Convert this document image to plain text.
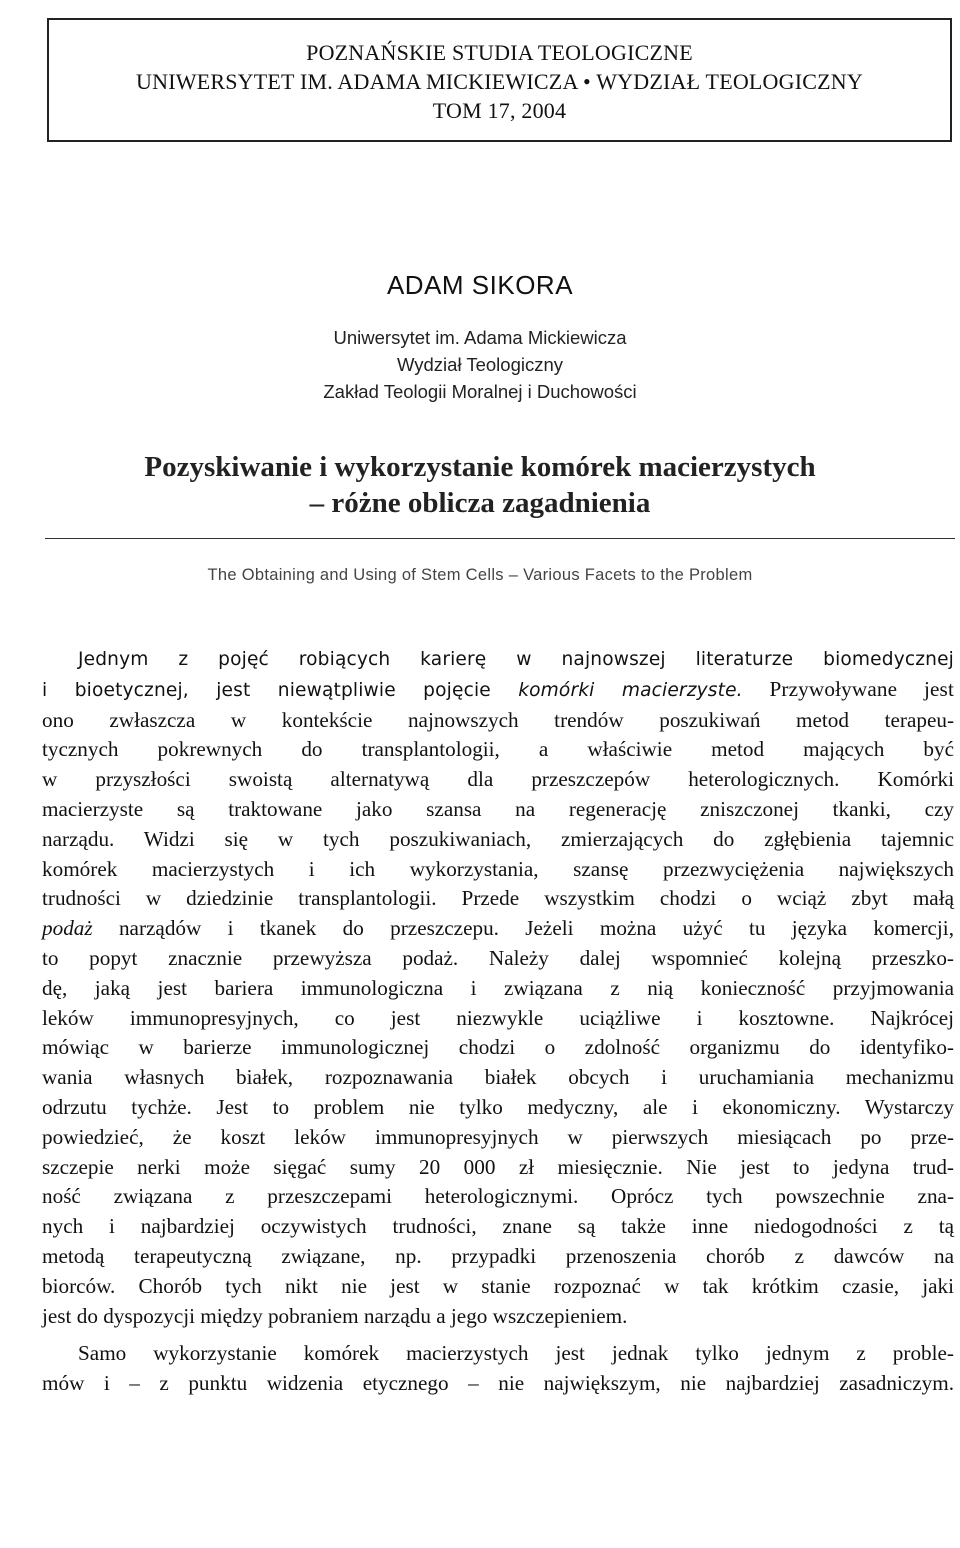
POZNAŃSKIE STUDIA TEOLOGICZNE
UNIWERSYTET IM. ADAMA MICKIEWICZA • WYDZIAŁ TEOLOGICZNY
TOM 17, 2004
ADAM SIKORA
Uniwersytet im. Adama Mickiewicza
Wydział Teologiczny
Zakład Teologii Moralnej i Duchowości
Pozyskiwanie i wykorzystanie komórek macierzystych
– różne oblicza zagadnienia
The Obtaining and Using of Stem Cells – Various Facets to the Problem
Jednym z pojęć robiących karierę w najnowszej literaturze biomedycznej
i bioetycznej, jest niewątpliwie pojęcie komórki macierzyste. Przywoływane jest
ono zwłaszcza w kontekście najnowszych trendów poszukiwań metod terapeu-
tycznych pokrewnych do transplantologii, a właściwie metod mających być
w przyszłości swoistą alternatywą dla przeszczepów heterologicznych. Komórki
macierzyste są traktowane jako szansa na regenerację zniszczonej tkanki, czy
narządu. Widzi się w tych poszukiwaniach, zmierzających do zgłębienia tajemnic
komórek macierzystych i ich wykorzystania, szansę przezwyciężenia największych
trudności w dziedzinie transplantologii. Przede wszystkim chodzi o wciąż zbyt małą
podaż narządów i tkanek do przeszczepu. Jeżeli można użyć tu języka komercji,
to popyt znacznie przewyższa podaż. Należy dalej wspomnieć kolejną przeszko-
dę, jaką jest bariera immunologiczna i związana z nią konieczność przyjmowania
leków immunopresyjnych, co jest niezwykle uciążliwe i kosztowne. Najkrócej
mówiąc w barierze immunologicznej chodzi o zdolność organizmu do identyfiko-
wania własnych białek, rozpoznawania białek obcych i uruchamiania mechanizmu
odrzutu tychże. Jest to problem nie tylko medyczny, ale i ekonomiczny. Wystarczy
powiedzieć, że koszt leków immunopresyjnych w pierwszych miesiącach po prze-
szczepie nerki może sięgać sumy 20 000 zł miesięcznie. Nie jest to jedyna trud-
ność związana z przeszczepami heterologicznymi. Oprócz tych powszechnie zna-
nych i najbardziej oczywistych trudności, znane są także inne niedogodności z tą
metodą terapeutyczną związane, np. przypadki przenoszenia chorób z dawców na
biorców. Chorób tych nikt nie jest w stanie rozpoznać w tak krótkim czasie, jaki
jest do dyspozycji między pobraniem narządu a jego wszczepieniem.
Samo wykorzystanie komórek macierzystych jest jednak tylko jednym z proble-
mów i – z punktu widzenia etycznego – nie największym, nie najbardziej zasadniczym.
